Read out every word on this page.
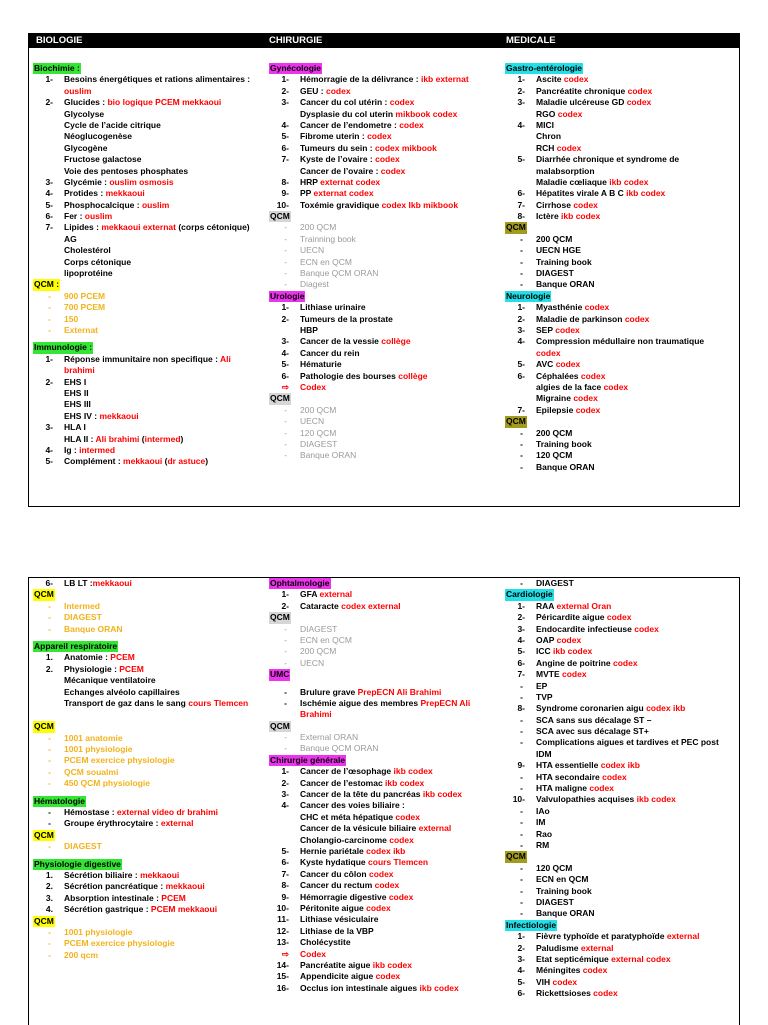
BIOLOGIE	CHIRURGIE	MEDICALE
Biochimie :
1- Besoins énergétiques et rations alimentaires :
ouslim
2- Glucides : bio logique PCEM mekkaoui
Glycolyse
Cycle de l’acide citrique
Néoglucogenèse
Glycogène
Fructose galactose
Voie des pentoses phosphates
3- Glycémie : ouslim osmosis
4- Protides : mekkaoui
5- Phosphocalcique : ouslim
6- Fer : ouslim
7- Lipides : mekkaoui externat (corps cétonique)
AG
Cholestérol
Corps cétonique
lipoprotéine
QCM :
- 900 PCEM
- 700 PCEM
- 150
- Externat
Immunologie :
1- Réponse immunitaire non specifique : Ali
brahimi
2- EHS I
EHS II
EHS III
EHS IV : mekkaoui
3- HLA I
HLA II : Ali brahimi (intermed)
4- Ig : intermed
5- Complément : mekkaoui (dr astuce)
Gynécologie
1- Hémorragie de la délivrance : ikb externat
2- GEU : codex
3- Cancer du col utérin : codex
Dysplasie du col uterin mikbook codex
4- Cancer de l’endometre : codex
5- Fibrome uterin : codex
6- Tumeurs du sein : codex mikbook
7- Kyste de l’ovaire : codex
Cancer de l’ovaire : codex
8- HRP externat codex
9- PP externat codex
10- Toxémie gravidique codex Ikb mikbook
QCM
- 200 QCM
- Trainning book
- UECN
- ECN en QCM
- Banque QCM ORAN
- Diagest
Urologie
1- Lithiase urinaire
2- Tumeurs de la prostate
HBP
3- Cancer de la vessie collège
4- Cancer du rein
5- Hématurie
6- Pathologie des bourses collège
⇨ Codex
QCM
- 200 QCM
- UECN
- 120 QCM
- DIAGEST
- Banque ORAN
Gastro-entérologie
1- Ascite codex
2- Pancréatite chronique codex
3- Maladie ulcéreuse GD codex
RGO codex
4- MICI
Chron
RCH codex
5- Diarrhée chronique et syndrome de
malabsorption
Maladie cœliaque ikb codex
6- Hépatites virale A B C ikb codex
7- Cirrhose codex
8- Ictère ikb codex
QCM
- 200 QCM
- UECN HGE
- Training book
- DIAGEST
- Banque ORAN
Neurologie
1- Myasthénie codex
2- Maladie de parkinson codex
3- SEP codex
4- Compression médullaire non traumatique
codex
5- AVC codex
6- Céphalées codex
algies de la face codex
Migraine codex
7- Epilepsie codex
QCM
- 200 QCM
- Training book
- 120 QCM
- Banque ORAN
6- LB LT :mekkaoui
QCM
- Intermed
- DIAGEST
- Banque ORAN
Appareil respiratoire
1. Anatomie : PCEM
2. Physiologie : PCEM
Mécanique ventilatoire
Echanges alvéolo capillaires
Transport de gaz dans le sang cours Tlemcen
QCM
- 1001 anatomie
- 1001 physiologie
- PCEM exercice physiologie
- QCM soualmi
- 450 QCM physiologie
Hématologie
- Hémostase : external video dr brahimi
- Groupe érythrocytaire : external
QCM
- DIAGEST
Physiologie digestive
1. Sécrétion biliaire : mekkaoui
2. Sécrétion pancréatique : mekkaoui
3. Absorption intestinale : PCEM
4. Sécrétion gastrique : PCEM mekkaoui
QCM
- 1001 physiologie
- PCEM exercice physiologie
- 200 qcm
Ophtalmologie
1- GFA external
2- Cataracte codex external
QCM
- DIAGEST
- ECN en QCM
- 200 QCM
- UECN
UMC
- Brulure grave PrepECN Ali Brahimi
- Ischémie aigue des membres PrepECN Ali
Brahimi
QCM
- External ORAN
- Banque QCM ORAN
Chirurgie générale
1- Cancer de l’œsophage ikb codex
2- Cancer de l’estomac ikb codex
3- Cancer de la tête du pancréas ikb codex
4- Cancer des voies biliaire :
CHC et méta hépatique codex
Cancer de la vésicule biliaire external
Cholangio-carcinome codex
5- Hernie pariétale codex ikb
6- Kyste hydatique cours Tlemcen
7- Cancer du côlon codex
8- Cancer du rectum codex
9- Hémorragie digestive codex
10- Péritonite aigue codex
11- Lithiase vésiculaire
12- Lithiase de la VBP
13- Cholécystite
⇨ Codex
14- Pancréatite aigue ikb codex
15- Appendicite aigue codex
16- Occlus ion intestinale aigues ikb codex
- DIAGEST
Cardiologie
1- RAA external Oran
2- Péricardite aigue codex
3- Endocardite infectieuse codex
4- OAP codex
5- ICC ikb codex
6- Angine de poitrine codex
7- MVTE codex
- EP
- TVP
8- Syndrome coronarien aigu codex ikb
- SCA sans sus décalage ST –
- SCA avec sus décalage ST+
- Complications aigues et tardives et PEC post
IDM
9- HTA essentielle codex ikb
- HTA secondaire codex
- HTA maligne codex
10- Valvulopathies acquises ikb codex
- IAo
- IM
- Rao
- RM
QCM
- 120 QCM
- ECN en QCM
- Training book
- DIAGEST
- Banque ORAN
Infectiologie
1- Fièvre typhoïde et paratyphoïde external
2- Paludisme external
3- Etat septicémique external codex
4- Méningites codex
5- VIH codex
6- Rickettsioses codex
